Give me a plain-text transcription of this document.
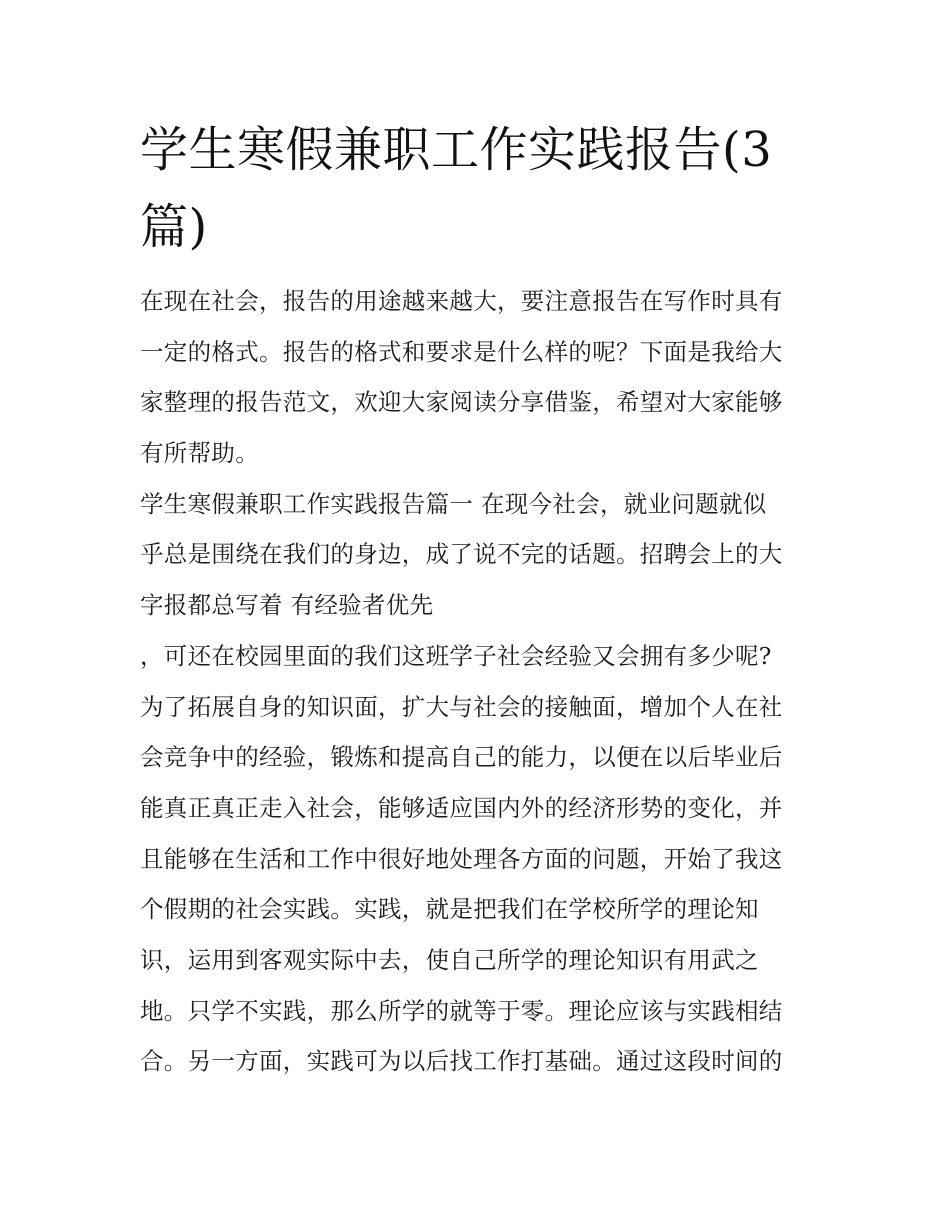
学生寒假兼职工作实践报告(3
篇)
在现在社会，报告的用途越来越大，要注意报告在写作时具有
一定的格式。报告的格式和要求是什么样的呢？下面是我给大
家整理的报告范文，欢迎大家阅读分享借鉴，希望对大家能够
有所帮助。
学生寒假兼职工作实践报告篇一 在现今社会，就业问题就似
乎总是围绕在我们的身边，成了说不完的话题。招聘会上的大
字报都总写着 有经验者优先
，可还在校园里面的我们这班学子社会经验又会拥有多少呢?
为了拓展自身的知识面，扩大与社会的接触面，增加个人在社
会竞争中的经验，锻炼和提高自己的能力，以便在以后毕业后
能真正真正走入社会，能够适应国内外的经济形势的变化，并
且能够在生活和工作中很好地处理各方面的问题，开始了我这
个假期的社会实践。实践，就是把我们在学校所学的理论知
识，运用到客观实际中去，使自己所学的理论知识有用武之
地。只学不实践，那么所学的就等于零。理论应该与实践相结
合。另一方面，实践可为以后找工作打基础。通过这段时间的
